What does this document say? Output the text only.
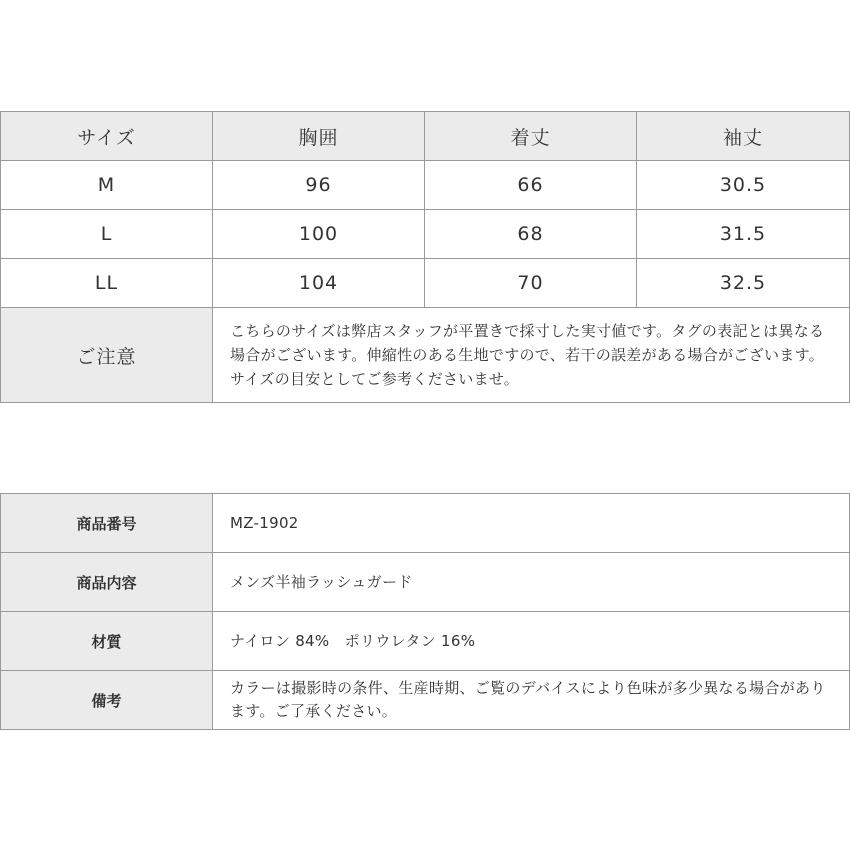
サイズ	胸囲	着丈	袖丈
M	96	66	30.5
L	100	68	31.5
LL	104	70	32.5
ご注意	こちらのサイズは弊店スタッフが平置きで採寸した実寸値です。タグの表記とは異なる場合がございます。伸縮性のある生地ですので、若干の誤差がある場合がございます。サイズの目安としてご参考くださいませ。		
商品番号	MZ-1902
商品内容	メンズ半袖ラッシュガード
材質	ナイロン 84%　ポリウレタン 16%
備考	カラーは撮影時の条件、生産時期、ご覧のデバイスにより色味が多少異なる場合があります。ご了承ください。
